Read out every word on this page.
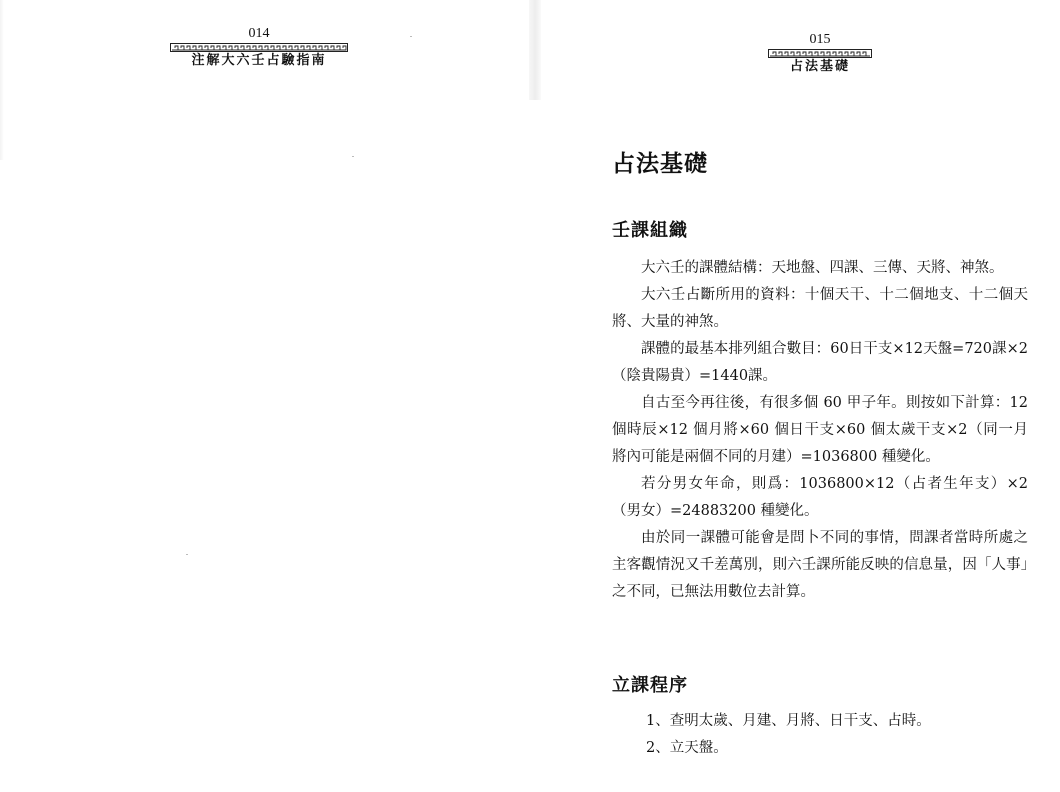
014
注解大六壬占驗指南
015
占法基礎
占法基礎
壬課組織

大六壬的課體結構：天地盤、四課、三傳、天將、神煞。

大六壬占斷所用的資料：十個天干、十二個地支、十二個天將、大量的神煞。

課體的最基本排列組合數目：60日干支×12天盤=720課×2（陰貴陽貴）=1440課。

自古至今再往後，有很多個 60 甲子年。則按如下計算：12 個時辰×12 個月將×60 個日干支×60 個太歲干支×2（同一月將內可能是兩個不同的月建）=1036800 種變化。

若分男女年命，則爲：1036800×12（占者生年支）×2（男女）=24883200 種變化。

由於同一課體可能會是問卜不同的事情，問課者當時所處之主客觀情況又千差萬別，則六壬課所能反映的信息量，因「人事」之不同，已無法用數位去計算。

立課程序
1、查明太歲、月建、月將、日干支、占時。
2、立天盤。
